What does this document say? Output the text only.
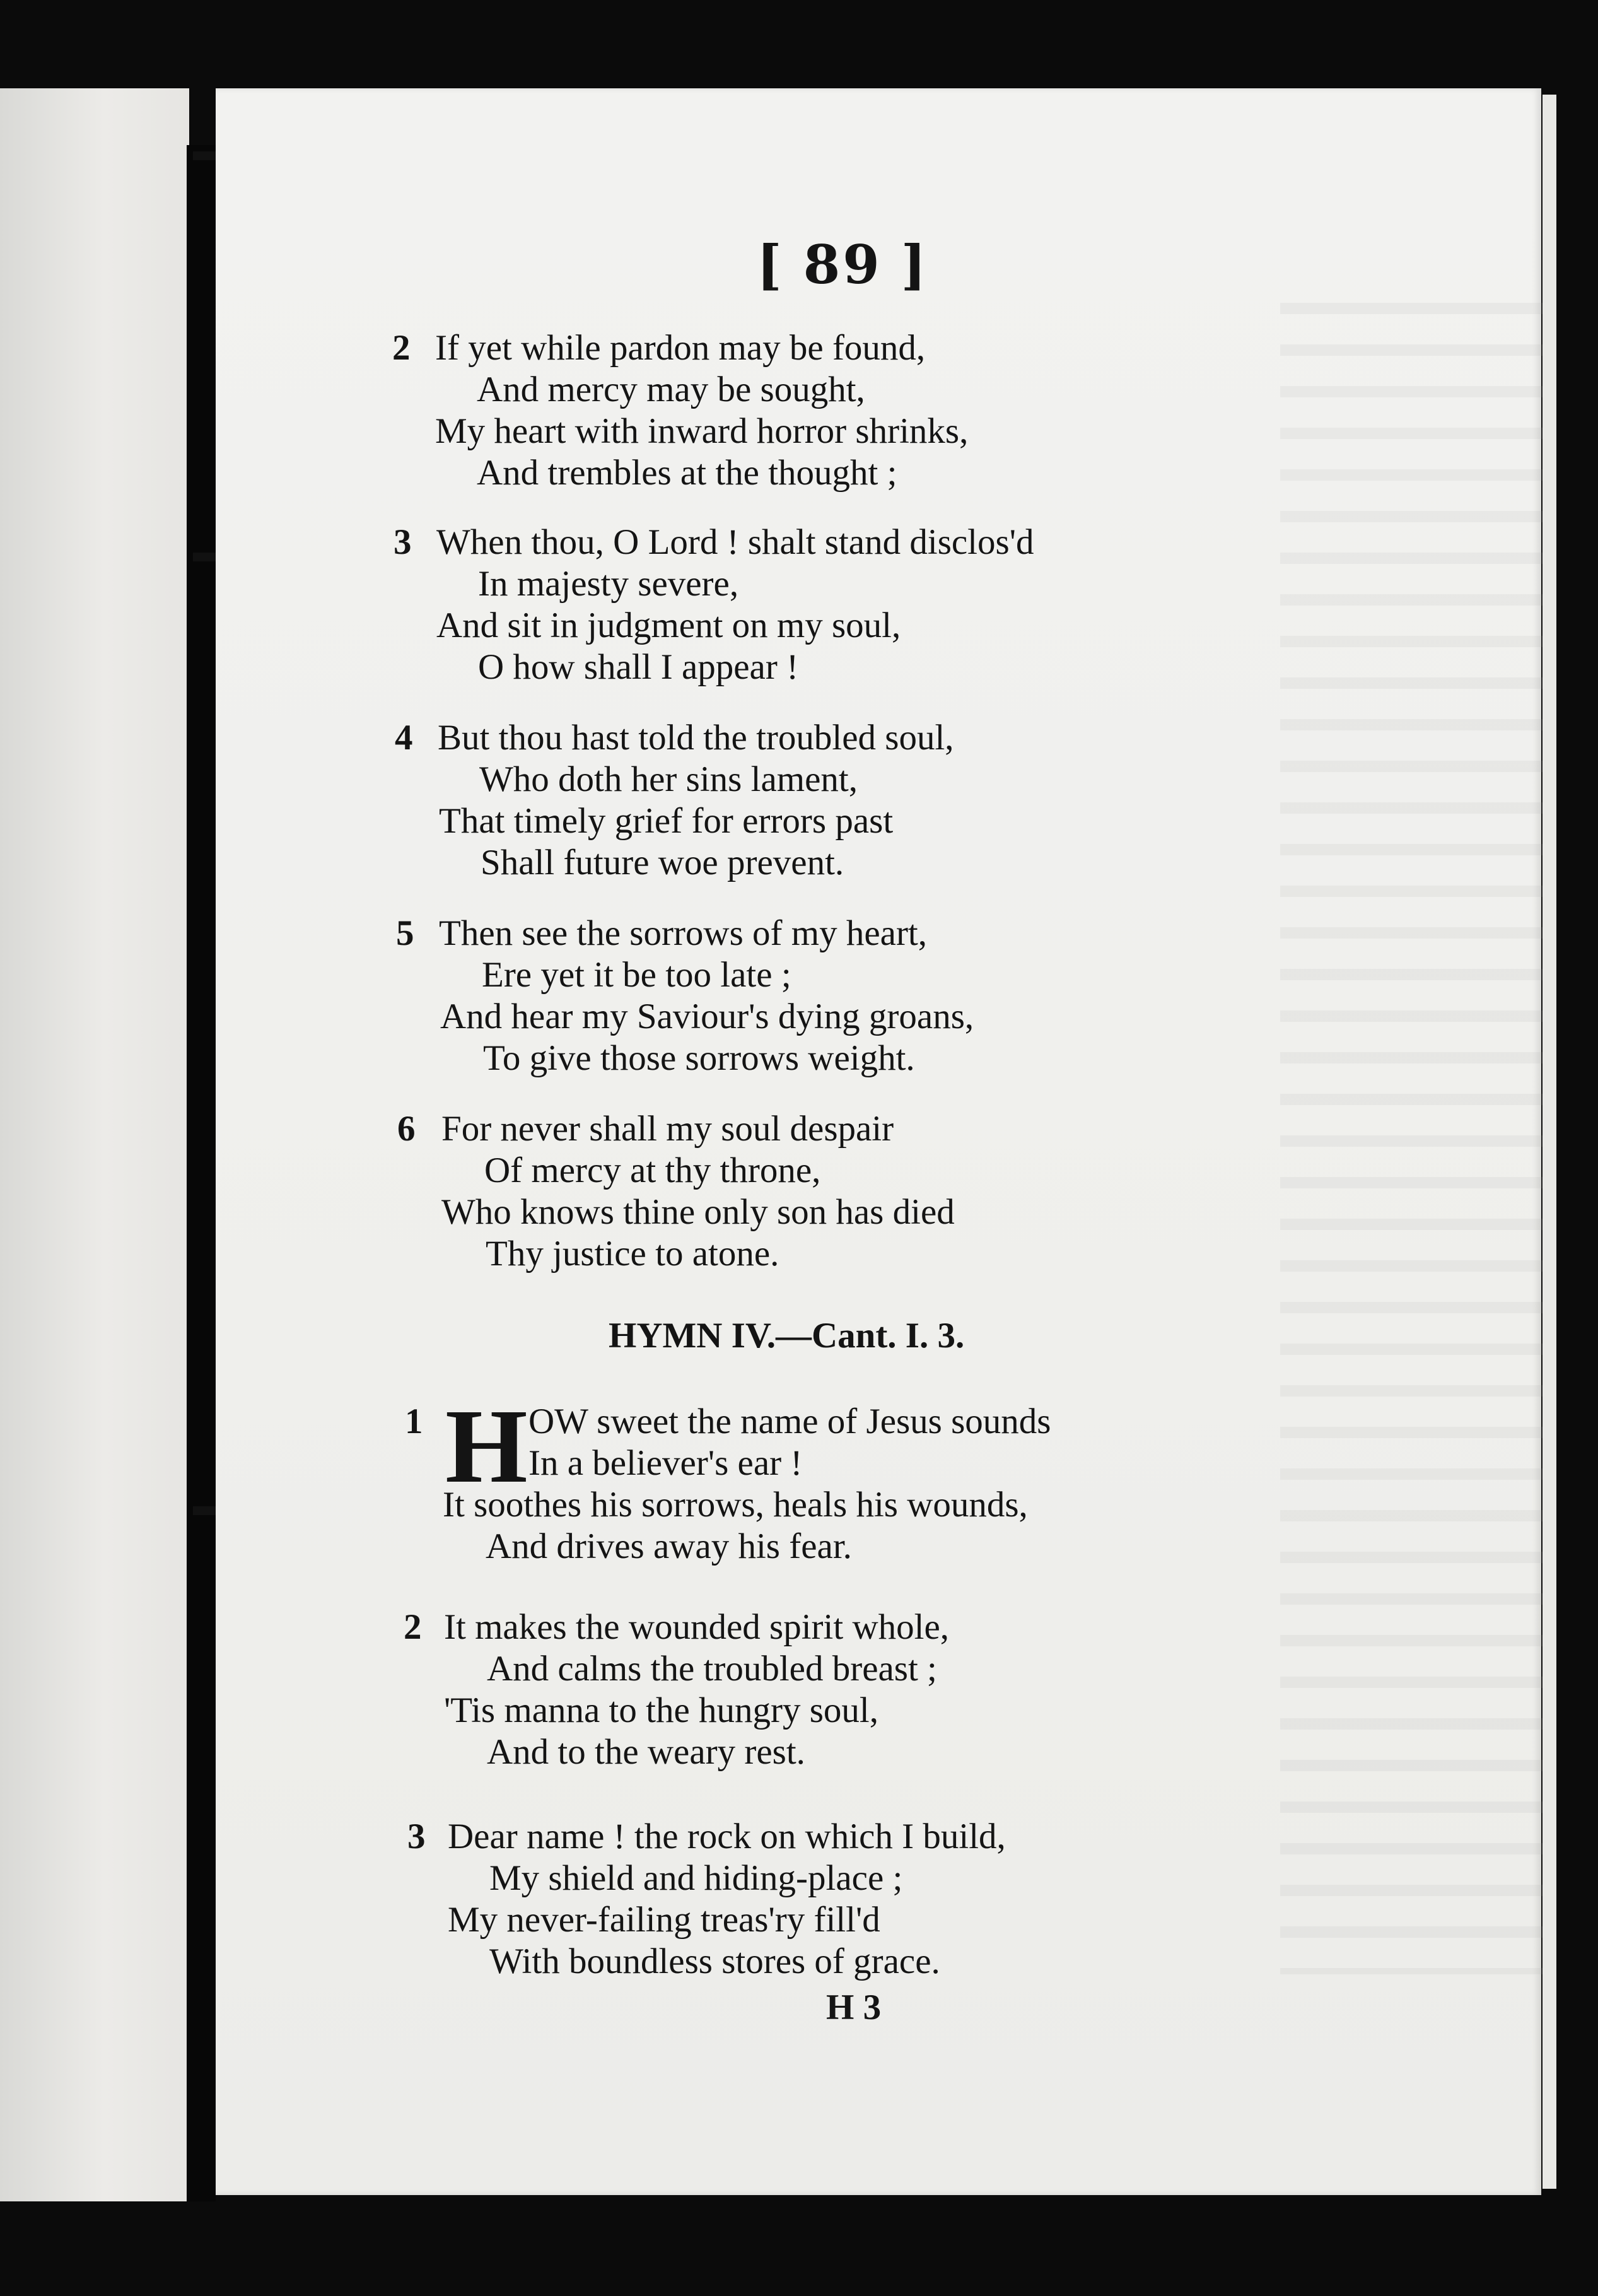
[ 89 ]
2 If yet while pardon may be found,
And mercy may be sought,
My heart with inward horror shrinks,
And trembles at the thought ;
3 When thou, O Lord ! shalt stand disclos'd
In majesty severe,
And sit in judgment on my soul,
O how shall I appear !
4 But thou hast told the troubled soul,
Who doth her sins lament,
That timely grief for errors past
Shall future woe prevent.
5 Then see the sorrows of my heart,
Ere yet it be too late ;
And hear my Saviour's dying groans,
To give those sorrows weight.
6 For never shall my soul despair
Of mercy at thy throne,
Who knows thine only son has died
Thy justice to atone.
HYMN IV.—Cant. I. 3.
1 H OW sweet the name of Jesus sounds
In a believer's ear !
It soothes his sorrows, heals his wounds,
And drives away his fear.
2 It makes the wounded spirit whole,
And calms the troubled breast ;
'Tis manna to the hungry soul,
And to the weary rest.
3 Dear name ! the rock on which I build,
My shield and hiding-place ;
My never-failing treas'ry fill'd
With boundless stores of grace.
H 3
